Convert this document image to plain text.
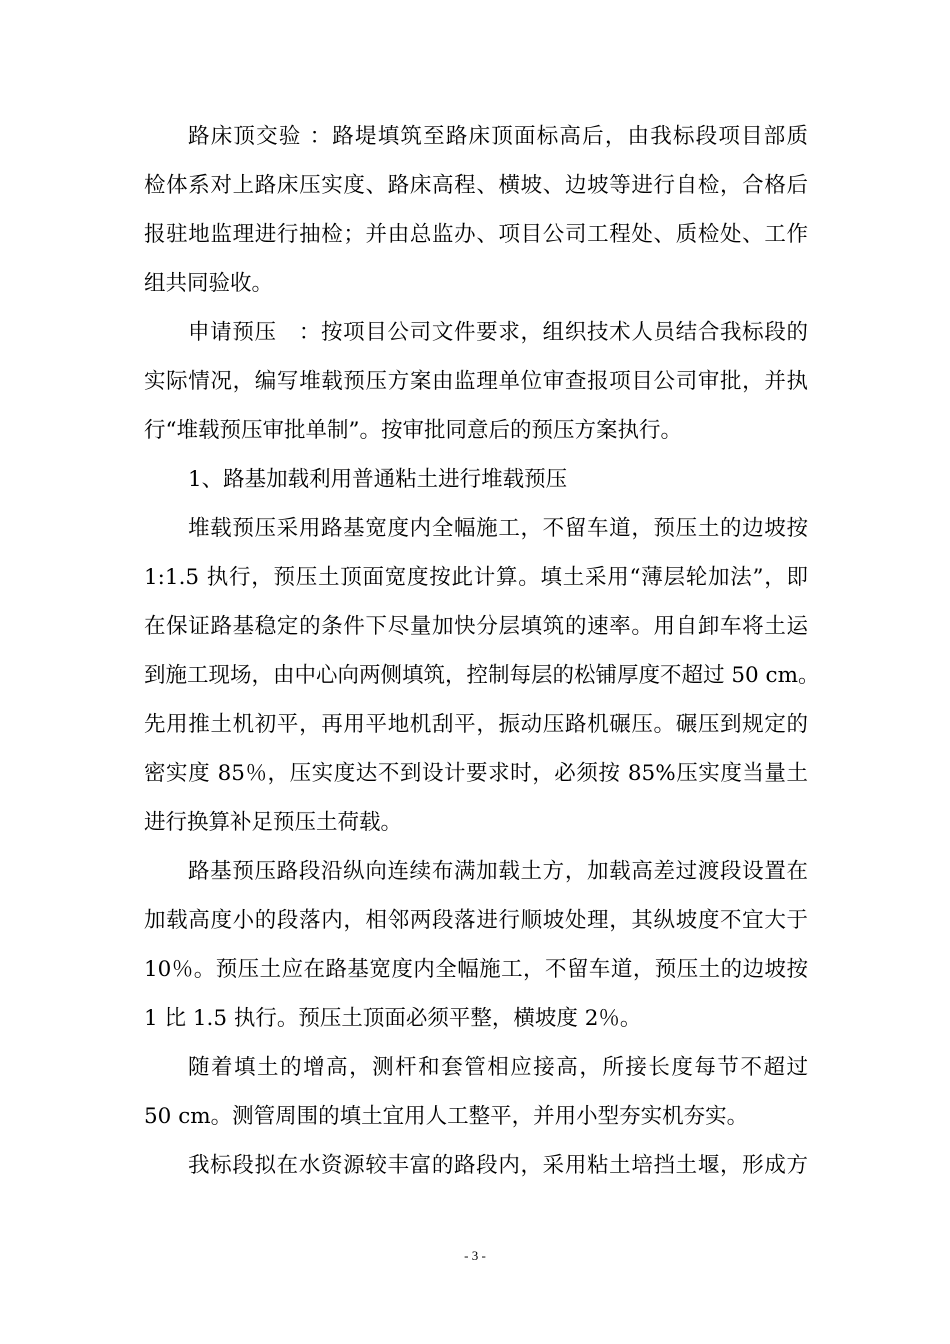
路床顶交验 ：路堤填筑至路床顶面标高后，由我标段项目部质
检体系对上路床压实度、路床高程、横坡、边坡等进行自检，合格后
报驻地监理进行抽检；并由总监办、项目公司工程处、质检处、工作
组共同验收。
申请预压　：按项目公司文件要求，组织技术人员结合我标段的
实际情况，编写堆载预压方案由监理单位审查报项目公司审批，并执
行“堆载预压审批单制”。按审批同意后的预压方案执行。
1、路基加载利用普通粘土进行堆载预压
堆载预压采用路基宽度内全幅施工，不留车道，预压土的边坡按
1:1.5 执行，预压土顶面宽度按此计算。填土采用“薄层轮加法”，即
在保证路基稳定的条件下尽量加快分层填筑的速率。用自卸车将土运
到施工现场，由中心向两侧填筑，控制每层的松铺厚度不超过 50 cm。
先用推土机初平，再用平地机刮平，振动压路机碾压。碾压到规定的
密实度 85％，压实度达不到设计要求时，必须按 85%压实度当量土
进行换算补足预压土荷载。
路基预压路段沿纵向连续布满加载土方，加载高差过渡段设置在
加载高度小的段落内，相邻两段落进行顺坡处理，其纵坡度不宜大于
10％。预压土应在路基宽度内全幅施工，不留车道，预压土的边坡按
1 比 1.5 执行。预压土顶面必须平整，横坡度 2％。
随着填土的增高，测杆和套管相应接高，所接长度每节不超过
50 cm。测管周围的填土宜用人工整平，并用小型夯实机夯实。
我标段拟在水资源较丰富的路段内，采用粘土培挡土堰，形成方
- 3 -
